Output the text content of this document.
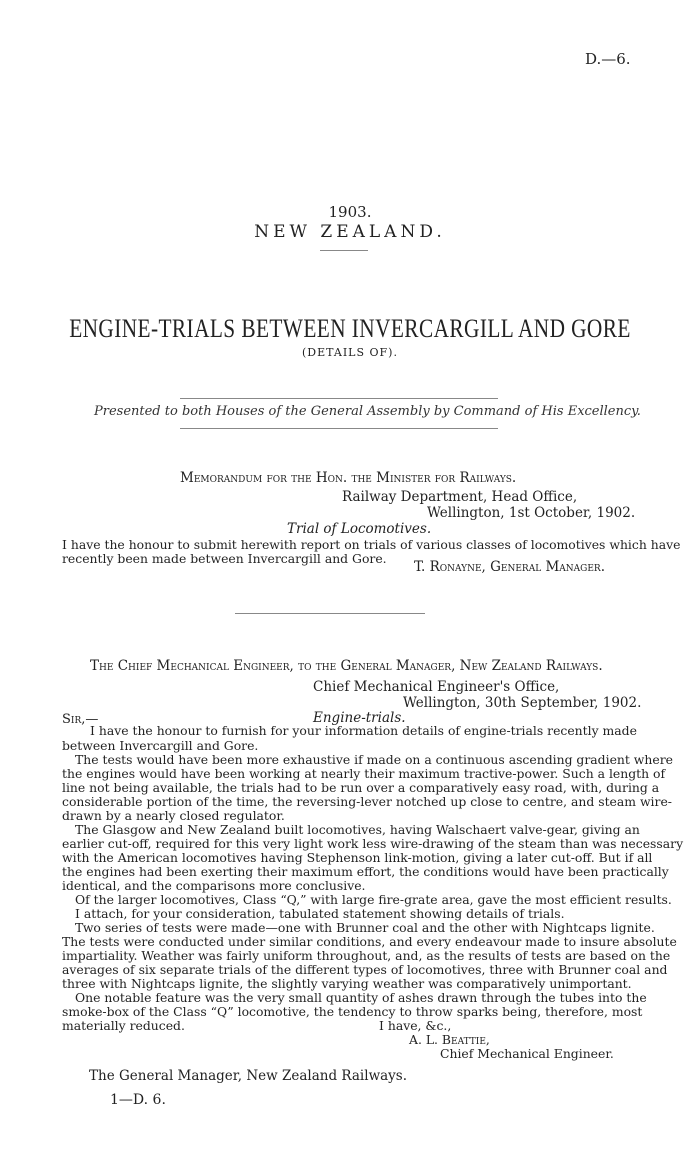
D.—6.
1903.
NEW ZEALAND.
ENGINE-TRIALS BETWEEN INVERCARGILL AND GORE
(DETAILS OF).
Presented to both Houses of the General Assembly by Command of His Excellency.
Memorandum for the Hon. the Minister for Railways.
Railway Department, Head Office,
Wellington, 1st October, 1902.
Trial of Locomotives.
I have the honour to submit herewith report on trials of various classes of locomotives which have
recently been made between Invercargill and Gore.
T. Ronayne, General Manager.
The Chief Mechanical Engineer, to the General Manager, New Zealand Railways.
Chief Mechanical Engineer's Office,
Wellington, 30th September, 1902.
Sir,—	Engine-trials.
I have the honour to furnish for your information details of engine-trials recently made
between Invercargill and Gore.
The tests would have been more exhaustive if made on a continuous ascending gradient where
the engines would have been working at nearly their maximum tractive-power. Such a length of
line not being available, the trials had to be run over a comparatively easy road, with, during a
considerable portion of the time, the reversing-lever notched up close to centre, and steam wire-
drawn by a nearly closed regulator.
The Glasgow and New Zealand built locomotives, having Walschaert valve-gear, giving an
earlier cut-off, required for this very light work less wire-drawing of the steam than was necessary
with the American locomotives having Stephenson link-motion, giving a later cut-off. But if all
the engines had been exerting their maximum effort, the conditions would have been practically
identical, and the comparisons more conclusive.
Of the larger locomotives, Class “Q,” with large fire-grate area, gave the most efficient results.
I attach, for your consideration, tabulated statement showing details of trials.
Two series of tests were made—one with Brunner coal and the other with Nightcaps lignite.
The tests were conducted under similar conditions, and every endeavour made to insure absolute
impartiality. Weather was fairly uniform throughout, and, as the results of tests are based on the
averages of six separate trials of the different types of locomotives, three with Brunner coal and
three with Nightcaps lignite, the slightly varying weather was comparatively unimportant.
One notable feature was the very small quantity of ashes drawn through the tubes into the
smoke-box of the Class “Q” locomotive, the tendency to throw sparks being, therefore, most
materially reduced.	I have, &c.,
A. L. Beattie,
Chief Mechanical Engineer.
The General Manager, New Zealand Railways.
1—D. 6.
